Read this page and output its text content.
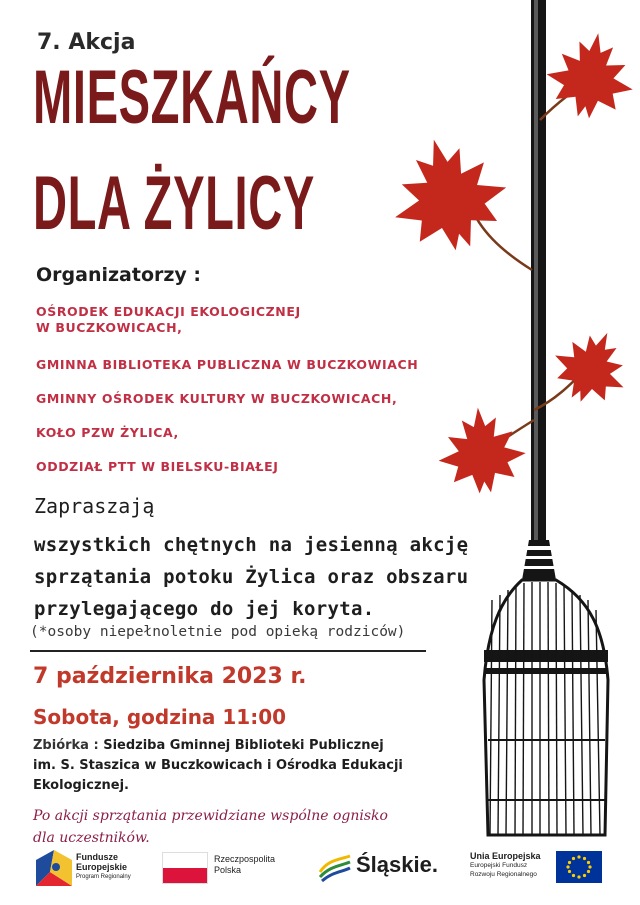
7. Akcja
MIESZKAŃCY
DLA ŻYLICY
Organizatorzy :
OŚRODEK EDUKACJI EKOLOGICZNEJ
W BUCZKOWICACH,
GMINNA BIBLIOTEKA PUBLICZNA W BUCZKOWIACH
GMINNY OŚRODEK KULTURY W BUCZKOWICACH,
KOŁO PZW ŻYLICA,
ODDZIAŁ PTT W BIELSKU-BIAŁEJ
Zapraszają
wszystkich chętnych na jesienną akcję
sprzątania potoku Żylica oraz obszaru
przylegającego do jej koryta.
(*osoby niepełnoletnie pod opieką rodziców)
7 października 2023 r.
Sobota, godzina 11:00
Zbiórka : Siedziba Gminnej Biblioteki Publicznej
im. S. Staszica w Buczkowicach i Ośrodka Edukacji
Ekologicznej.
Po akcji sprzątania przewidziane wspólne ognisko
dla uczestników.
Fundusze
Europejskie
Program Regionalny
Rzeczpospolita
Polska	Śląskie.	Unia Europejska
Europejski Fundusz
Rozwoju Regionalnego
